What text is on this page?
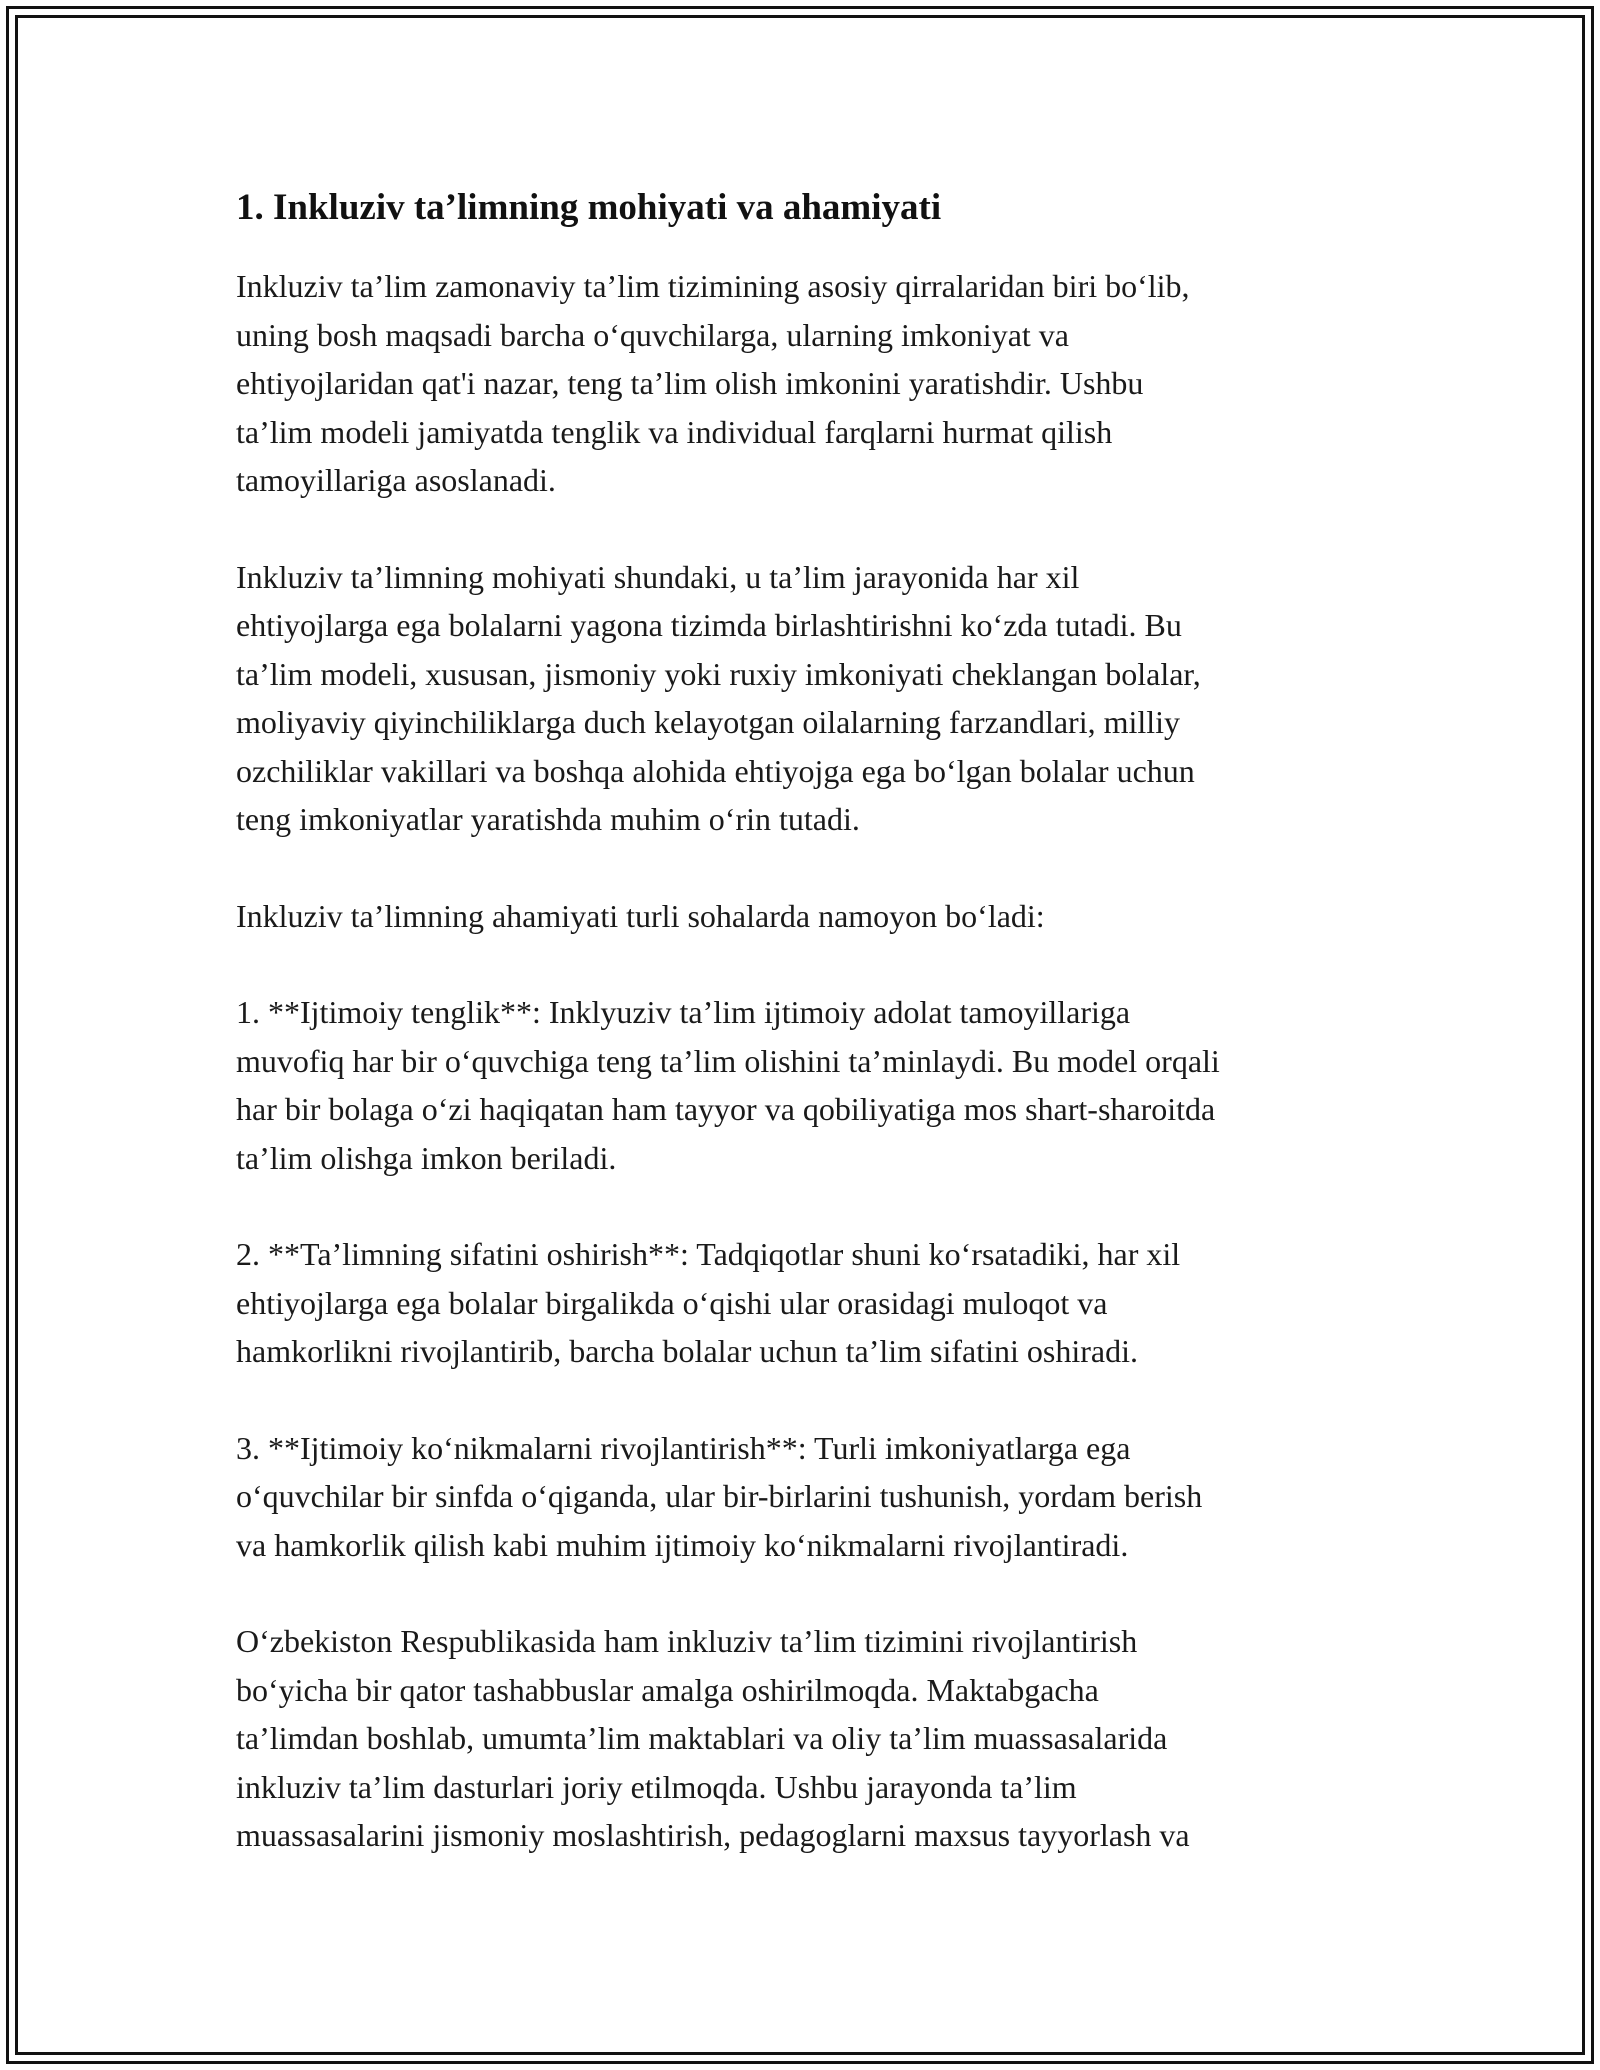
1. Inkluziv ta’limning mohiyati va ahamiyati

Inkluziv ta’lim zamonaviy ta’lim tizimining asosiy qirralaridan biri bo‘lib,
uning bosh maqsadi barcha o‘quvchilarga, ularning imkoniyat va
ehtiyojlaridan qat'i nazar, teng ta’lim olish imkonini yaratishdir. Ushbu
ta’lim modeli jamiyatda tenglik va individual farqlarni hurmat qilish
tamoyillariga asoslanadi.

Inkluziv ta’limning mohiyati shundaki, u ta’lim jarayonida har xil
ehtiyojlarga ega bolalarni yagona tizimda birlashtirishni ko‘zda tutadi. Bu
ta’lim modeli, xususan, jismoniy yoki ruxiy imkoniyati cheklangan bolalar,
moliyaviy qiyinchiliklarga duch kelayotgan oilalarning farzandlari, milliy
ozchiliklar vakillari va boshqa alohida ehtiyojga ega bo‘lgan bolalar uchun
teng imkoniyatlar yaratishda muhim o‘rin tutadi.

Inkluziv ta’limning ahamiyati turli sohalarda namoyon bo‘ladi:

1. **Ijtimoiy tenglik**: Inklyuziv ta’lim ijtimoiy adolat tamoyillariga
muvofiq har bir o‘quvchiga teng ta’lim olishini ta’minlaydi. Bu model orqali
har bir bolaga o‘zi haqiqatan ham tayyor va qobiliyatiga mos shart-sharoitda
ta’lim olishga imkon beriladi.

2. **Ta’limning sifatini oshirish**: Tadqiqotlar shuni ko‘rsatadiki, har xil
ehtiyojlarga ega bolalar birgalikda o‘qishi ular orasidagi muloqot va
hamkorlikni rivojlantirib, barcha bolalar uchun ta’lim sifatini oshiradi.

3. **Ijtimoiy ko‘nikmalarni rivojlantirish**: Turli imkoniyatlarga ega
o‘quvchilar bir sinfda o‘qiganda, ular bir-birlarini tushunish, yordam berish
va hamkorlik qilish kabi muhim ijtimoiy ko‘nikmalarni rivojlantiradi.

O‘zbekiston Respublikasida ham inkluziv ta’lim tizimini rivojlantirish
bo‘yicha bir qator tashabbuslar amalga oshirilmoqda. Maktabgacha
ta’limdan boshlab, umumta’lim maktablari va oliy ta’lim muassasalarida
inkluziv ta’lim dasturlari joriy etilmoqda. Ushbu jarayonda ta’lim
muassasalarini jismoniy moslashtirish, pedagoglarni maxsus tayyorlash va
